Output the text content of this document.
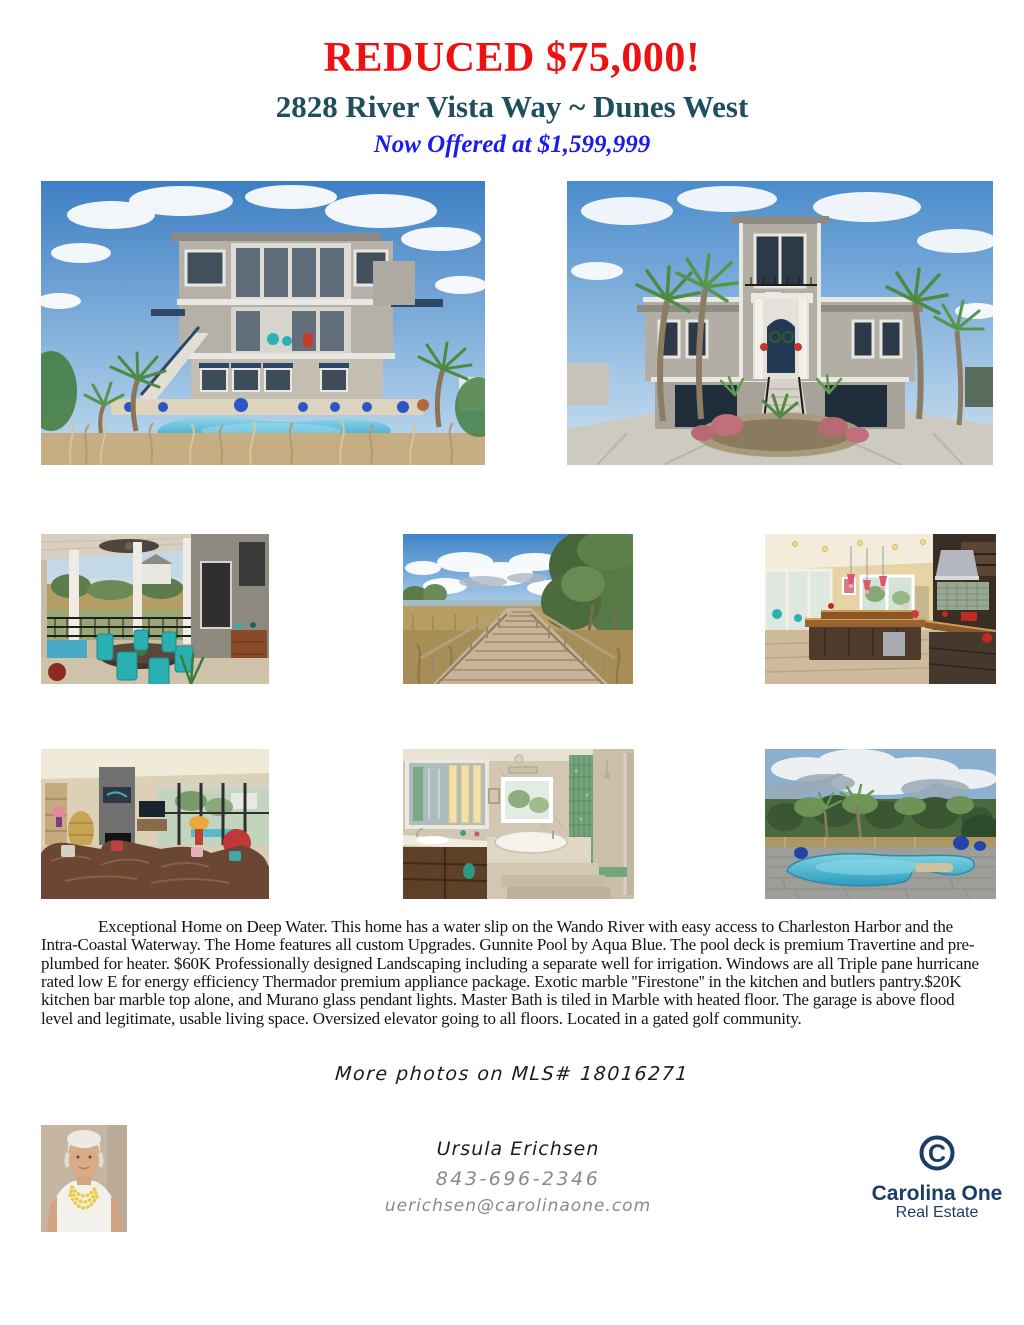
REDUCED $75,000!
2828 River Vista Way ~ Dunes West
Now Offered at $1,599,999
Exceptional Home on Deep Water. This home has a water slip on the Wando River with easy access to Charleston Harbor and the Intra-Coastal Waterway. The Home features all custom Upgrades. Gunnite Pool by Aqua Blue. The pool deck is premium Travertine and pre-plumbed for heater. $60K Professionally designed Landscaping including a separate well for irrigation. Windows are all Triple pane hurricane rated low E for energy efficiency Thermador premium appliance package. Exotic marble ''Firestone'' in the kitchen and butlers pantry.$20K kitchen bar marble top alone, and Murano glass pendant lights. Master Bath is tiled in Marble with heated floor. The garage is above flood level and legitimate, usable living space. Oversized elevator going to all floors. Located in a gated golf community.
More photos on MLS# 18016271

Ursula Erichsen

843-696-2346

uerichsen@carolinaone.com

C
Carolina One
Real Estate
